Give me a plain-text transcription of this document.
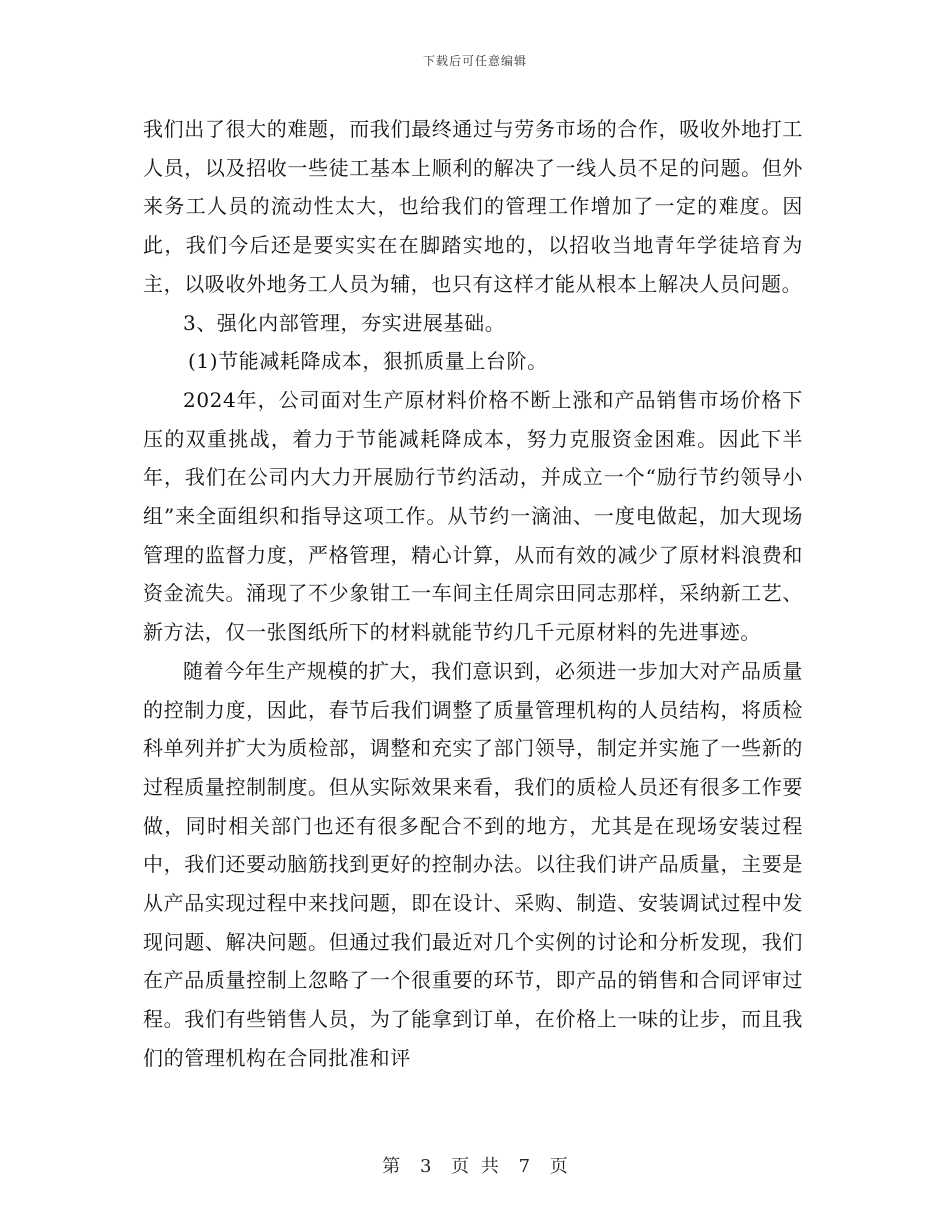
下载后可任意编辑

我们出了很大的难题，而我们最终通过与劳务市场的合作，吸收外地打工人员，以及招收一些徒工基本上顺利的解决了一线人员不足的问题。但外来务工人员的流动性太大，也给我们的管理工作增加了一定的难度。因此，我们今后还是要实实在在脚踏实地的，以招收当地青年学徒培育为主，以吸收外地务工人员为辅，也只有这样才能从根本上解决人员问题。

3、强化内部管理，夯实进展基础。

(1)节能减耗降成本，狠抓质量上台阶。

2024年，公司面对生产原材料价格不断上涨和产品销售市场价格下压的双重挑战，着力于节能减耗降成本，努力克服资金困难。因此下半年，我们在公司内大力开展励行节约活动，并成立一个“励行节约领导小组”来全面组织和指导这项工作。从节约一滴油、一度电做起，加大现场管理的监督力度，严格管理，精心计算，从而有效的减少了原材料浪费和资金流失。涌现了不少象钳工一车间主任周宗田同志那样，采纳新工艺、新方法，仅一张图纸所下的材料就能节约几千元原材料的先进事迹。

随着今年生产规模的扩大，我们意识到，必须进一步加大对产品质量的控制力度，因此，春节后我们调整了质量管理机构的人员结构，将质检科单列并扩大为质检部，调整和充实了部门领导，制定并实施了一些新的过程质量控制制度。但从实际效果来看，我们的质检人员还有很多工作要做，同时相关部门也还有很多配合不到的地方，尤其是在现场安装过程中，我们还要动脑筋找到更好的控制办法。以往我们讲产品质量，主要是从产品实现过程中来找问题，即在设计、采购、制造、安装调试过程中发现问题、解决问题。但通过我们最近对几个实例的讨论和分析发现，我们在产品质量控制上忽略了一个很重要的环节，即产品的销售和合同评审过程。我们有些销售人员，为了能拿到订单，在价格上一味的让步，而且我们的管理机构在合同批准和评

第 3 页 共 7 页
